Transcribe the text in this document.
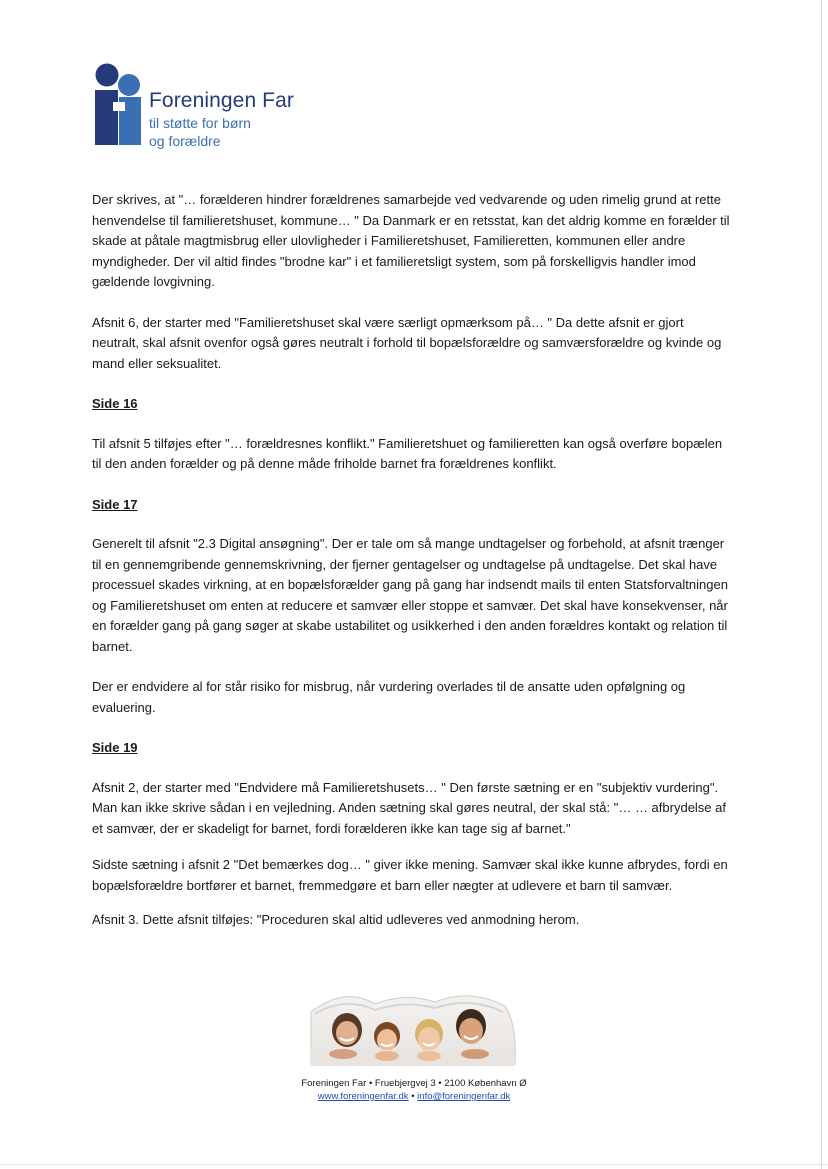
Foreningen Far
til støtte for børn
og forældre

Der skrives, at "… forælderen hindrer forældrenes samarbejde ved vedvarende og uden rimelig grund at rette henvendelse til familieretshuset, kommune… " Da Danmark er en retsstat, kan det aldrig komme en forælder til skade at påtale magtmisbrug eller ulovligheder i Familieretshuset, Familieretten, kommunen eller andre myndigheder. Der vil altid findes "brodne kar" i et familieretsligt system, som på forskelligvis handler imod gældende lovgivning.

Afsnit 6, der starter med "Familieretshuset skal være særligt opmærksom på… " Da dette afsnit er gjort neutralt, skal afsnit ovenfor også gøres neutralt i forhold til bopælsforældre og samværsforældre og kvinde og mand eller seksualitet.

Side 16

Til afsnit 5 tilføjes efter "… forældresnes konflikt." Familieretshuet og familieretten kan også overføre bopælen til den anden forælder og på denne måde friholde barnet fra forældrenes konflikt.

Side 17

Generelt til afsnit "2.3 Digital ansøgning". Der er tale om så mange undtagelser og forbehold, at afsnit trænger til en gennemgribende gennemskrivning, der fjerner gentagelser og undtagelse på undtagelse. Det skal have processuel skades virkning, at en bopælsforælder gang på gang har indsendt mails til enten Statsforvaltningen og Familieretshuset om enten at reducere et samvær eller stoppe et samvær. Det skal have konsekvenser, når en forælder gang på gang søger at skabe ustabilitet og usikkerhed i den anden forældres kontakt og relation til barnet.

Der er endvidere al for står risiko for misbrug, når vurdering overlades til de ansatte uden opfølgning og evaluering.

Side 19

Afsnit 2, der starter med "Endvidere må Familieretshusets… " Den første sætning er en "subjektiv vurdering". Man kan ikke skrive sådan i en vejledning. Anden sætning skal gøres neutral, der skal stå: "… … afbrydelse af et samvær, der er skadeligt for barnet, fordi forælderen ikke kan tage sig af barnet."

Sidste sætning i afsnit 2 "Det bemærkes dog… " giver ikke mening. Samvær skal ikke kunne afbrydes, fordi en bopælsforældre bortfører et barnet, fremmedgøre et barn eller nægter at udlevere et barn til samvær.

Afsnit 3. Dette afsnit tilføjes: "Proceduren skal altid udleveres ved anmodning herom.

Foreningen Far • Fruebjergvej 3 • 2100 København Ø
www.foreningenfar.dk • info@foreningenfar.dk
